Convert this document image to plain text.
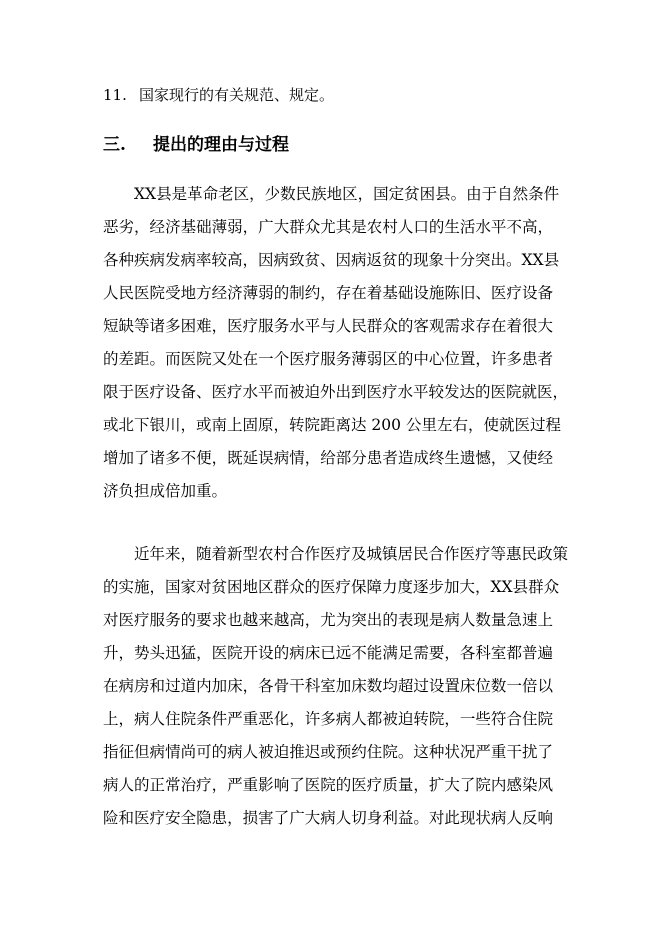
11. 国家现行的有关规范、规定。
三. 提出的理由与过程
XX县是革命老区，少数民族地区，国定贫困县。由于自然条件
恶劣，经济基础薄弱，广大群众尤其是农村人口的生活水平不高，
各种疾病发病率较高，因病致贫、因病返贫的现象十分突出。XX县
人民医院受地方经济薄弱的制约，存在着基础设施陈旧、医疗设备
短缺等诸多困难，医疗服务水平与人民群众的客观需求存在着很大
的差距。而医院又处在一个医疗服务薄弱区的中心位置，许多患者
限于医疗设备、医疗水平而被迫外出到医疗水平较发达的医院就医，
或北下银川，或南上固原，转院距离达 200 公里左右，使就医过程
增加了诸多不便，既延误病情，给部分患者造成终生遗憾，又使经
济负担成倍加重。
近年来，随着新型农村合作医疗及城镇居民合作医疗等惠民政策
的实施，国家对贫困地区群众的医疗保障力度逐步加大，XX县群众
对医疗服务的要求也越来越高，尤为突出的表现是病人数量急速上
升，势头迅猛，医院开设的病床已远不能满足需要，各科室都普遍
在病房和过道内加床，各骨干科室加床数均超过设置床位数一倍以
上，病人住院条件严重恶化，许多病人都被迫转院，一些符合住院
指征但病情尚可的病人被迫推迟或预约住院。这种状况严重干扰了
病人的正常治疗，严重影响了医院的医疗质量，扩大了院内感染风
险和医疗安全隐患，损害了广大病人切身利益。对此现状病人反响
